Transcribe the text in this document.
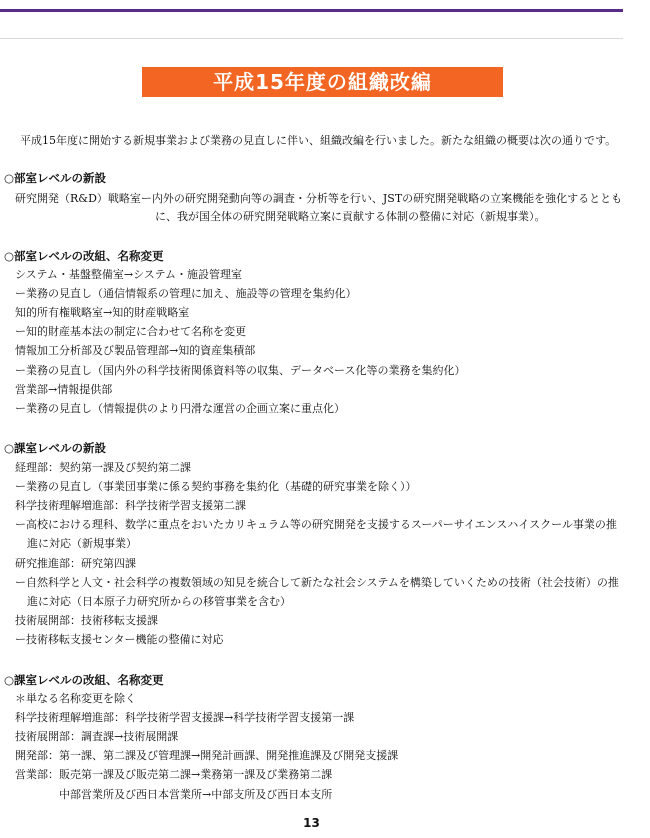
平成15年度の組織改編
平成15年度に開始する新規事業および業務の見直しに伴い、組織改編を行いました。新たな組織の概要は次の通りです。
○部室レベルの新設
研究開発（R&D）戦略室ー内外の研究開発動向等の調査・分析等を行い、JSTの研究開発戦略の立案機能を強化するととも
に、我が国全体の研究開発戦略立案に貢献する体制の整備に対応（新規事業）。
○部室レベルの改組、名称変更
システム・基盤整備室→システム・施設管理室
ー業務の見直し（通信情報系の管理に加え、施設等の管理を集約化）
知的所有権戦略室→知的財産戦略室
ー知的財産基本法の制定に合わせて名称を変更
情報加工分析部及び製品管理部→知的資産集積部
ー業務の見直し（国内外の科学技術関係資料等の収集、データベース化等の業務を集約化）
営業部→情報提供部
ー業務の見直し（情報提供のより円滑な運営の企画立案に重点化）
○課室レベルの新設
経理部：契約第一課及び契約第二課
ー業務の見直し（事業団事業に係る契約事務を集約化（基礎的研究事業を除く））
科学技術理解増進部：科学技術学習支援第二課
ー高校における理科、数学に重点をおいたカリキュラム等の研究開発を支援するスーパーサイエンスハイスクール事業の推
進に対応（新規事業）
研究推進部：研究第四課
ー自然科学と人文・社会科学の複数領域の知見を統合して新たな社会システムを構築していくための技術（社会技術）の推
進に対応（日本原子力研究所からの移管事業を含む）
技術展開部：技術移転支援課
ー技術移転支援センター機能の整備に対応
○課室レベルの改組、名称変更
＊単なる名称変更を除く
科学技術理解増進部：科学技術学習支援課→科学技術学習支援第一課
技術展開部：調査課→技術展開課
開発部：第一課、第二課及び管理課→開発計画課、開発推進課及び開発支援課
営業部：販売第一課及び販売第二課→業務第一課及び業務第二課
中部営業所及び西日本営業所→中部支所及び西日本支所
13
